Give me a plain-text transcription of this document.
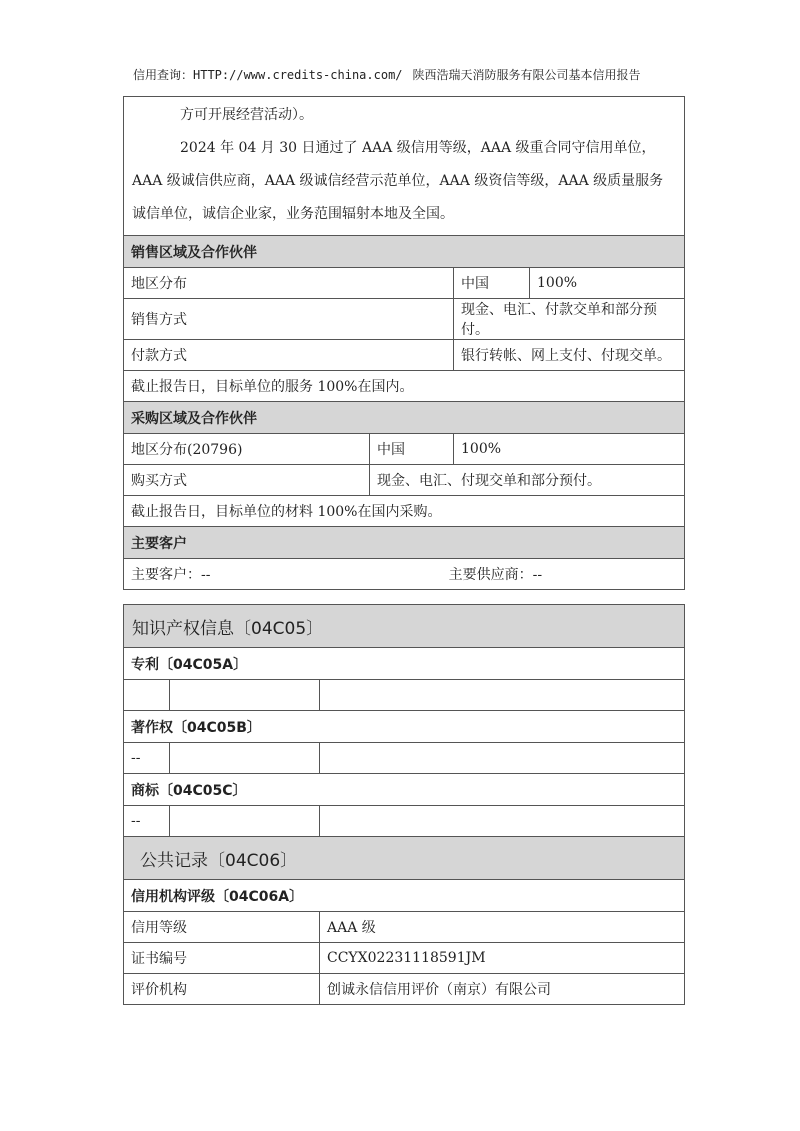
信用查询：HTTP://www.credits-china.com/ 陕西浩瑞天消防服务有限公司基本信用报告

方可开展经营活动）。

2024 年 04 月 30 日通过了 AAA 级信用等级，AAA 级重合同守信用单位，AAA 级诚信供应商，AAA 级诚信经营示范单位，AAA 级资信等级，AAA 级质量服务诚信单位，诚信企业家，业务范围辐射本地及全国。			

销售区域及合作伙伴			
地区分布		中国	100%
销售方式		现金、电汇、付款交单和部分预付。	
付款方式		银行转帐、网上支付、付现交单。	
截止报告日，目标单位的服务 100%在国内。			
采购区域及合作伙伴			
地区分布(20796)	中国	100%	
购买方式	现金、电汇、付现交单和部分预付。		
截止报告日，目标单位的材料 100%在国内采购。			
主要客户			

主要客户：-- 主要供应商：--			
知识产权信息〔04C05〕		
专利〔04C05A〕		

著作权〔04C05B〕		
--		
商标〔04C05C〕		
--		
公共记录〔04C06〕		
信用机构评级〔04C06A〕		
信用等级		AAA 级
证书编号		CCYX02231118591JM
评价机构		创诚永信信用评价（南京）有限公司
